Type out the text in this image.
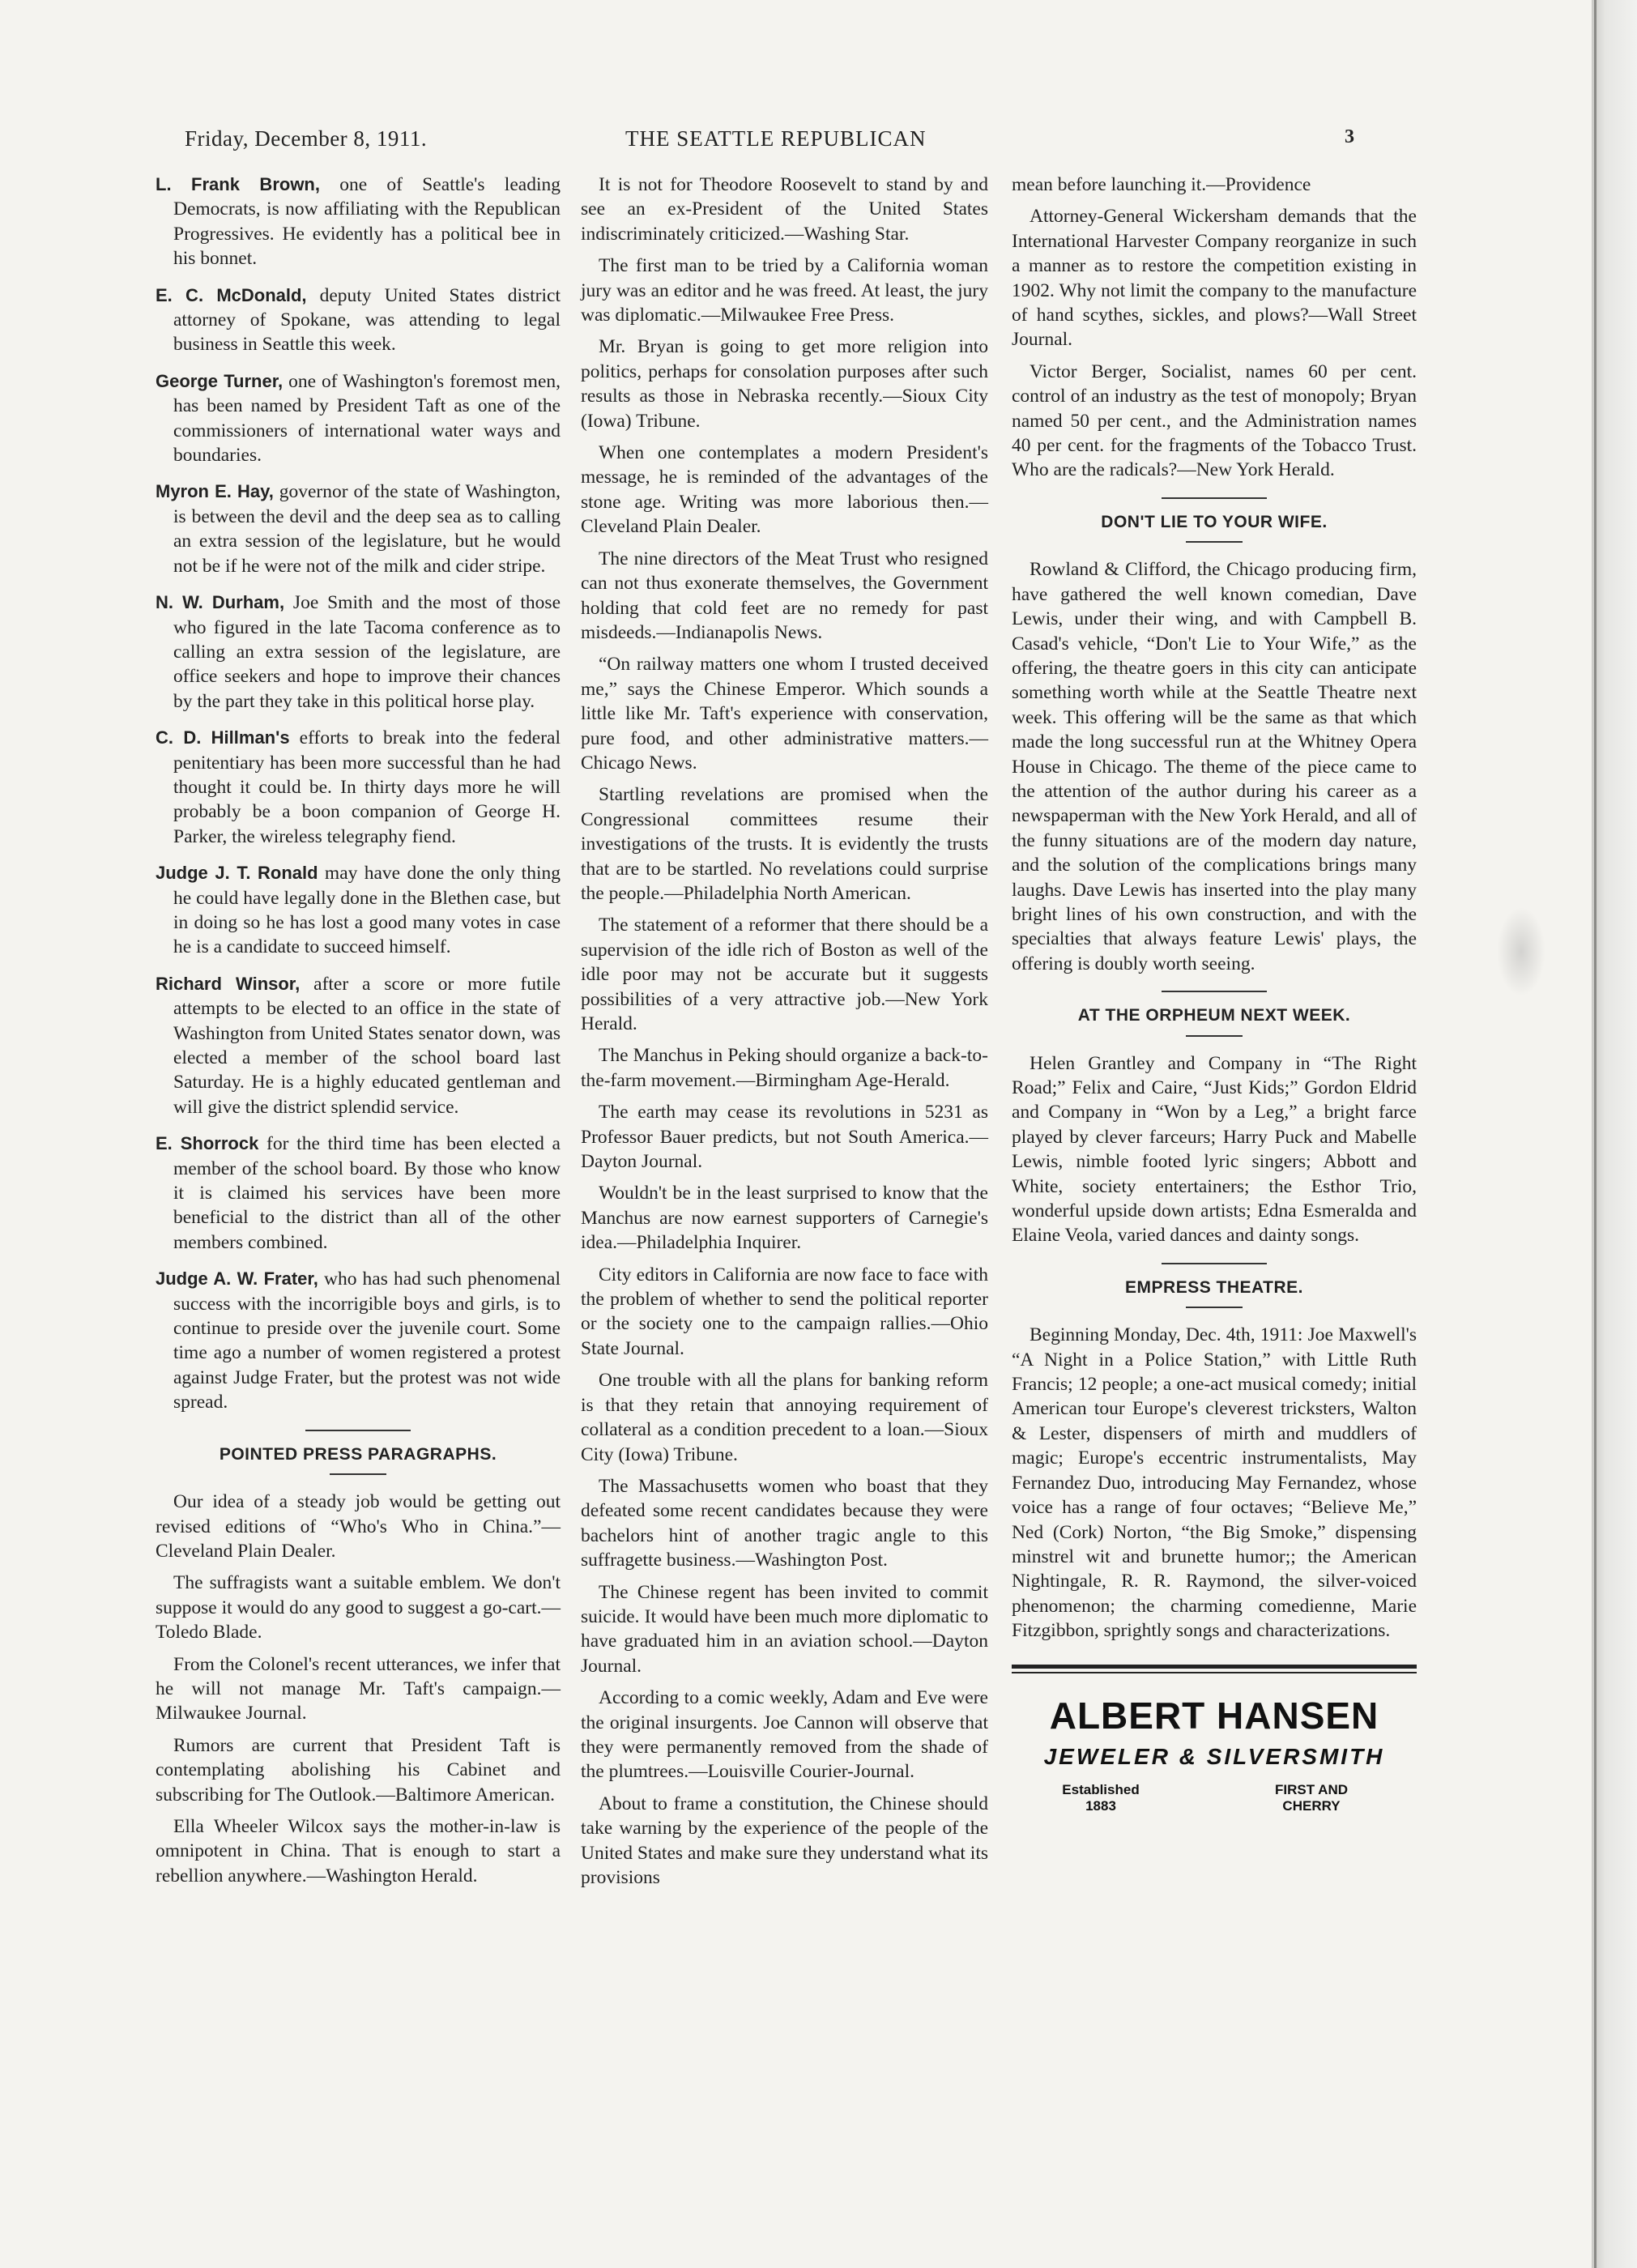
Friday, December 8, 1911.	THE SEATTLE REPUBLICAN	3
L. Frank Brown, one of Seattle's leading Democrats, is now affiliating with the Republican Progressives. He evidently has a political bee in his bonnet.
E. C. McDonald, deputy United States district attorney of Spokane, was attending to legal business in Seattle this week.
George Turner, one of Washington's foremost men, has been named by President Taft as one of the commissioners of international water ways and boundaries.
Myron E. Hay, governor of the state of Washington, is between the devil and the deep sea as to calling an extra session of the legislature, but he would not be if he were not of the milk and cider stripe.
N. W. Durham, Joe Smith and the most of those who figured in the late Tacoma conference as to calling an extra session of the legislature, are office seekers and hope to improve their chances by the part they take in this political horse play.
C. D. Hillman's efforts to break into the federal penitentiary has been more successful than he had thought it could be. In thirty days more he will probably be a boon companion of George H. Parker, the wireless telegraphy fiend.
Judge J. T. Ronald may have done the only thing he could have legally done in the Blethen case, but in doing so he has lost a good many votes in case he is a candidate to succeed himself.
Richard Winsor, after a score or more futile attempts to be elected to an office in the state of Washington from United States senator down, was elected a member of the school board last Saturday. He is a highly educated gentleman and will give the district splendid service.
E. Shorrock for the third time has been elected a member of the school board. By those who know it is claimed his services have been more beneficial to the district than all of the other members combined.
Judge A. W. Frater, who has had such phenomenal success with the incorrigible boys and girls, is to continue to preside over the juvenile court. Some time ago a number of women registered a protest against Judge Frater, but the protest was not wide spread.
POINTED PRESS PARAGRAPHS.
Our idea of a steady job would be getting out revised editions of “Who's Who in China.”—Cleveland Plain Dealer.
The suffragists want a suitable emblem. We don't suppose it would do any good to suggest a go-cart.—Toledo Blade.
From the Colonel's recent utterances, we infer that he will not manage Mr. Taft's campaign.—Milwaukee Journal.
Rumors are current that President Taft is contemplating abolishing his Cabinet and subscribing for The Outlook.—Baltimore American.
Ella Wheeler Wilcox says the mother-in-law is omnipotent in China. That is enough to start a rebellion anywhere.—Washington Herald.
It is not for Theodore Roosevelt to stand by and see an ex-President of the United States indiscriminately criticized.—Washing Star.
The first man to be tried by a California woman jury was an editor and he was freed. At least, the jury was diplomatic.—Milwaukee Free Press.
Mr. Bryan is going to get more religion into politics, perhaps for consolation purposes after such results as those in Nebraska recently.—Sioux City (Iowa) Tribune.
When one contemplates a modern President's message, he is reminded of the advantages of the stone age. Writing was more laborious then.—Cleveland Plain Dealer.
The nine directors of the Meat Trust who resigned can not thus exonerate themselves, the Government holding that cold feet are no remedy for past misdeeds.—Indianapolis News.
“On railway matters one whom I trusted deceived me,” says the Chinese Emperor. Which sounds a little like Mr. Taft's experience with conservation, pure food, and other administrative matters.—Chicago News.
Startling revelations are promised when the Congressional committees resume their investigations of the trusts. It is evidently the trusts that are to be startled. No revelations could surprise the people.—Philadelphia North American.
The statement of a reformer that there should be a supervision of the idle rich of Boston as well of the idle poor may not be accurate but it suggests possibilities of a very attractive job.—New York Herald.
The Manchus in Peking should organize a back-to-the-farm movement.—Birmingham Age-Herald.
The earth may cease its revolutions in 5231 as Professor Bauer predicts, but not South America.—Dayton Journal.
Wouldn't be in the least surprised to know that the Manchus are now earnest supporters of Carnegie's idea.—Philadelphia Inquirer.
City editors in California are now face to face with the problem of whether to send the political reporter or the society one to the campaign rallies.—Ohio State Journal.
One trouble with all the plans for banking reform is that they retain that annoying requirement of collateral as a condition precedent to a loan.—Sioux City (Iowa) Tribune.
The Massachusetts women who boast that they defeated some recent candidates because they were bachelors hint of another tragic angle to this suffragette business.—Washington Post.
The Chinese regent has been invited to commit suicide. It would have been much more diplomatic to have graduated him in an aviation school.—Dayton Journal.
According to a comic weekly, Adam and Eve were the original insurgents. Joe Cannon will observe that they were permanently removed from the shade of the plumtrees.—Louisville Courier-Journal.
About to frame a constitution, the Chinese should take warning by the experience of the people of the United States and make sure they understand what its provisions
mean before launching it.—Providence
Attorney-General Wickersham demands that the International Harvester Company reorganize in such a manner as to restore the competition existing in 1902. Why not limit the company to the manufacture of hand scythes, sickles, and plows?—Wall Street Journal.
Victor Berger, Socialist, names 60 per cent. control of an industry as the test of monopoly; Bryan named 50 per cent., and the Administration names 40 per cent. for the fragments of the Tobacco Trust. Who are the radicals?—New York Herald.
DON'T LIE TO YOUR WIFE.
Rowland & Clifford, the Chicago producing firm, have gathered the well known comedian, Dave Lewis, under their wing, and with Campbell B. Casad's vehicle, “Don't Lie to Your Wife,” as the offering, the theatre goers in this city can anticipate something worth while at the Seattle Theatre next week. This offering will be the same as that which made the long successful run at the Whitney Opera House in Chicago. The theme of the piece came to the attention of the author during his career as a newspaperman with the New York Herald, and all of the funny situations are of the modern day nature, and the solution of the complications brings many laughs. Dave Lewis has inserted into the play many bright lines of his own construction, and with the specialties that always feature Lewis' plays, the offering is doubly worth seeing.
AT THE ORPHEUM NEXT WEEK.
Helen Grantley and Company in “The Right Road;” Felix and Caire, “Just Kids;” Gordon Eldrid and Company in “Won by a Leg,” a bright farce played by clever farceurs; Harry Puck and Mabelle Lewis, nimble footed lyric singers; Abbott and White, society entertainers; the Esthor Trio, wonderful upside down artists; Edna Esmeralda and Elaine Veola, varied dances and dainty songs.
EMPRESS THEATRE.
Beginning Monday, Dec. 4th, 1911: Joe Maxwell's “A Night in a Police Station,” with Little Ruth Francis; 12 people; a one-act musical comedy; initial American tour Europe's cleverest tricksters, Walton & Lester, dispensers of mirth and muddlers of magic; Europe's eccentric instrumentalists, May Fernandez Duo, introducing May Fernandez, whose voice has a range of four octaves; “Believe Me,” Ned (Cork) Norton, “the Big Smoke,” dispensing minstrel wit and brunette humor;; the American Nightingale, R. R. Raymond, the silver-voiced phenomenon; the charming comedienne, Marie Fitzgibbon, sprightly songs and characterizations.
ALBERT HANSEN
JEWELER & SILVERSMITH
Established
1883
FIRST AND
CHERRY
